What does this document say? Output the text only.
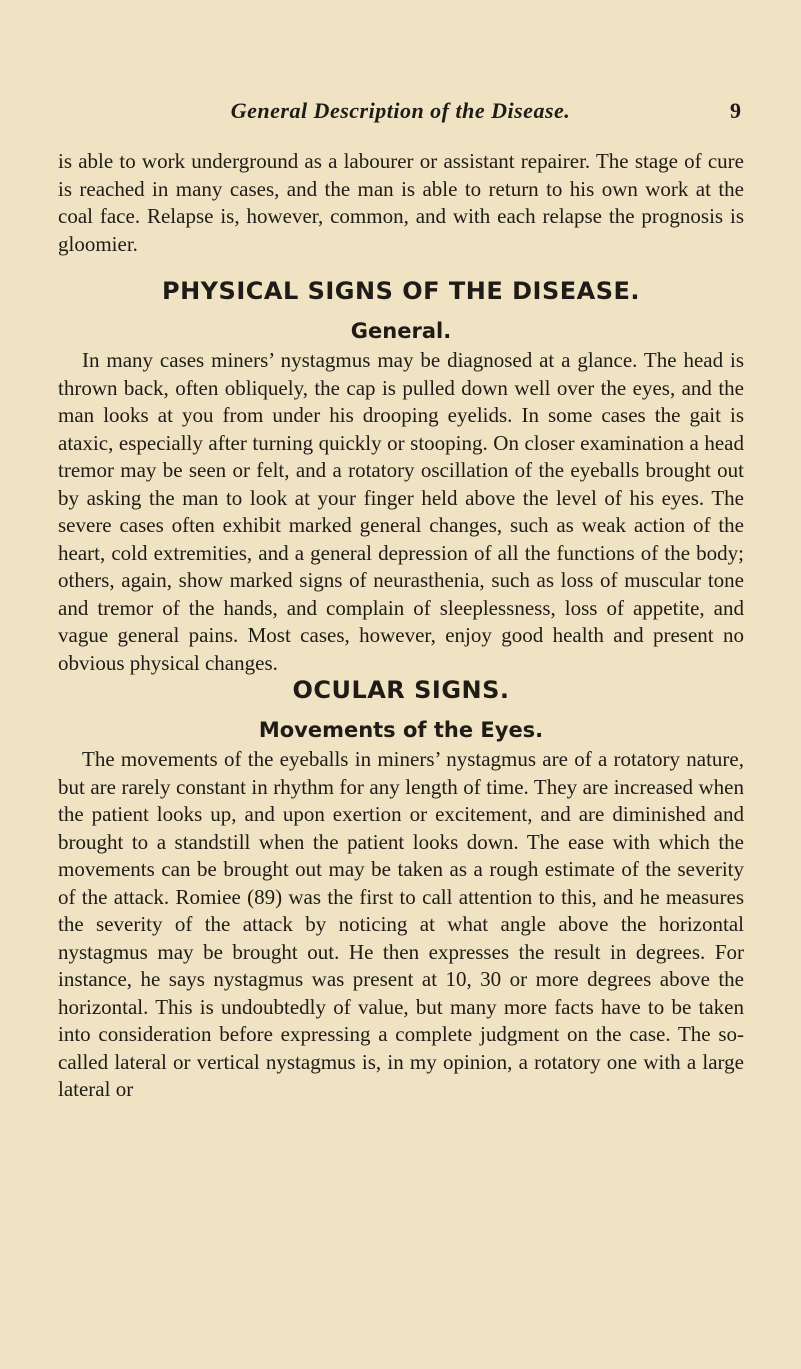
General Description of the Disease.	9

is able to work underground as a labourer or assistant repairer. The stage of cure is reached in many cases, and the man is able to return to his own work at the coal face. Relapse is, however, common, and with each relapse the prognosis is gloomier.

PHYSICAL SIGNS OF THE DISEASE.
General.

In many cases miners’ nystagmus may be diagnosed at a glance. The head is thrown back, often obliquely, the cap is pulled down well over the eyes, and the man looks at you from under his drooping eyelids. In some cases the gait is ataxic, especially after turning quickly or stooping. On closer examination a head tremor may be seen or felt, and a rotatory oscillation of the eyeballs brought out by asking the man to look at your finger held above the level of his eyes. The severe cases often exhibit marked general changes, such as weak action of the heart, cold extremities, and a general depression of all the functions of the body; others, again, show marked signs of neurasthenia, such as loss of muscular tone and tremor of the hands, and complain of sleeplessness, loss of appetite, and vague general pains. Most cases, however, enjoy good health and present no obvious physical changes.

OCULAR SIGNS.
Movements of the Eyes.

The movements of the eyeballs in miners’ nystagmus are of a rotatory nature, but are rarely constant in rhythm for any length of time. They are increased when the patient looks up, and upon exertion or excitement, and are diminished and brought to a standstill when the patient looks down. The ease with which the movements can be brought out may be taken as a rough estimate of the severity of the attack. Romiee (89) was the first to call attention to this, and he measures the severity of the attack by noticing at what angle above the horizontal nystagmus may be brought out. He then expresses the result in degrees. For instance, he says nystagmus was present at 10, 30 or more degrees above the horizontal. This is undoubtedly of value, but many more facts have to be taken into consideration before expressing a complete judgment on the case. The so-called lateral or vertical nystagmus is, in my opinion, a rotatory one with a large lateral or
